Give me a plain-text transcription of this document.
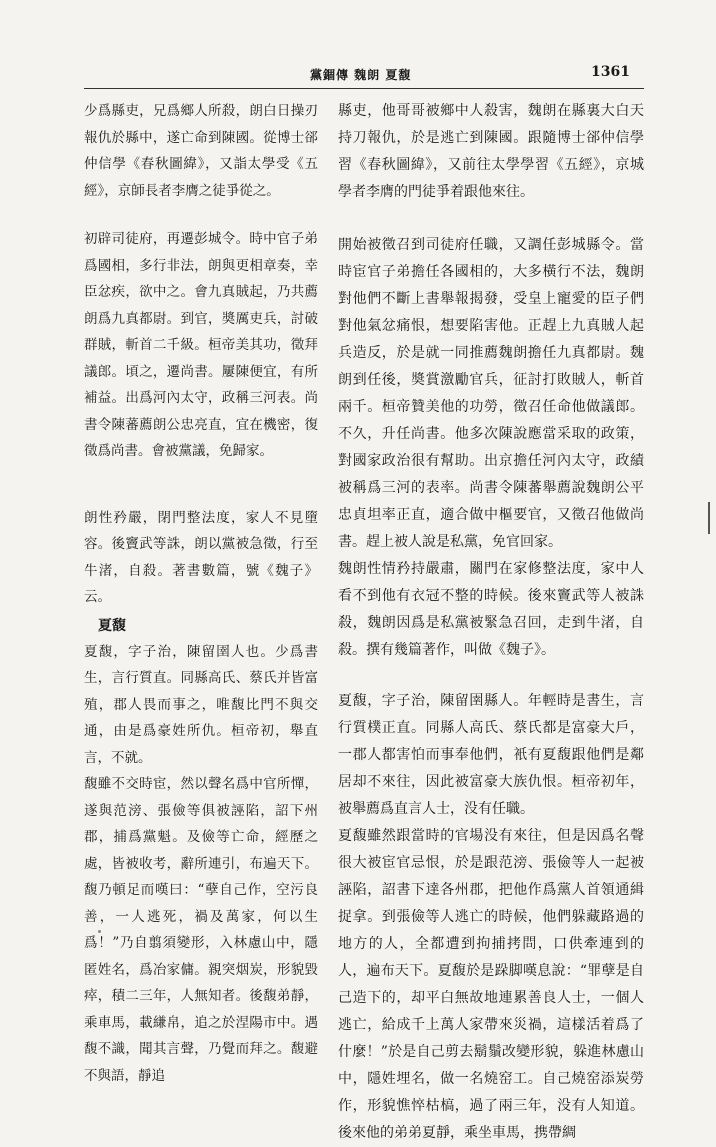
黨錮傳 魏朗 夏馥	1361

少爲縣吏，兄爲鄉人所殺，朗白日操刃報仇於縣中，遂亡命到陳國。從博士郤仲信學《春秋圖緯》，又詣太學受《五經》，京師長者李膺之徒爭從之。

初辟司徒府，再遷彭城令。時中官子弟爲國相，多行非法，朗與更相章奏，幸臣忿疾，欲中之。會九真賊起，乃共薦朗爲九真都尉。到官，奬厲吏兵，討破群賊，斬首二千級。桓帝美其功，徵拜議郎。頃之，遷尚書。屢陳便宜，有所補益。出爲河內太守，政稱三河表。尚書令陳蕃薦朗公忠亮直，宜在機密，復徵爲尚書。會被黨議，免歸家。

朗性矜嚴，閉門整法度，家人不見墮容。後竇武等誅，朗以黨被急徵，行至牛渚，自殺。著書數篇，號《魏子》云。

夏馥

夏馥，字子治，陳留圉人也。少爲書生，言行質直。同縣高氏、蔡氏并皆富殖，郡人畏而事之，唯馥比門不與交通，由是爲豪姓所仇。桓帝初，舉直言，不就。

馥雖不交時宦，然以聲名爲中官所憚，遂與范滂、張儉等俱被誣陷，詔下州郡，捕爲黨魁。及儉等亡命，經歷之處，皆被收考，辭所連引，布遍天下。馥乃頓足而嘆曰：“孽自己作，空污良善，一人逃死，禍及萬家，何以生爲！”乃自翦須變形，入林慮山中，隱匿姓名，爲冶家傭。親突烟炭，形貌毀瘁，積二三年，人無知者。後馥弟靜，乘車馬，載縑帛，追之於涅陽市中。遇馥不識，聞其言聲，乃覺而拜之。馥避不與語，靜追

縣吏，他哥哥被鄉中人殺害，魏朗在縣裏大白天持刀報仇，於是逃亡到陳國。跟隨博士郤仲信學習《春秋圖緯》，又前往太學學習《五經》，京城學者李膺的門徒爭着跟他來往。

開始被徵召到司徒府任職，又調任彭城縣令。當時宦官子弟擔任各國相的，大多橫行不法，魏朗對他們不斷上書舉報揭發，受皇上寵愛的臣子們對他氣忿痛恨，想要陷害他。正趕上九真賊人起兵造反，於是就一同推薦魏朗擔任九真都尉。魏朗到任後，奬賞激勵官兵，征討打敗賊人，斬首兩千。桓帝贊美他的功勞，徵召任命他做議郎。不久，升任尚書。他多次陳說應當采取的政策，對國家政治很有幫助。出京擔任河內太守，政績被稱爲三河的表率。尚書令陳蕃舉薦說魏朗公平忠貞坦率正直，適合做中樞要官，又徵召他做尚書。趕上被人說是私黨，免官回家。

魏朗性情矜持嚴肅，關門在家修整法度，家中人看不到他有衣冠不整的時候。後來竇武等人被誅殺，魏朗因爲是私黨被緊急召回，走到牛渚，自殺。撰有幾篇著作，叫做《魏子》。

夏馥，字子治，陳留圉縣人。年輕時是書生，言行質樸正直。同縣人高氏、蔡氏都是富豪大戶，一郡人都害怕而事奉他們，衹有夏馥跟他們是鄰居却不來往，因此被富豪大族仇恨。桓帝初年，被舉薦爲直言人士，没有任職。

夏馥雖然跟當時的官場没有來往，但是因爲名聲很大被宦官忌恨，於是跟范滂、張儉等人一起被誣陷，詔書下達各州郡，把他作爲黨人首領通緝捉拿。到張儉等人逃亡的時候，他們躲藏路過的地方的人，全都遭到拘捕拷問，口供牽連到的人，遍布天下。夏馥於是跺脚嘆息說：“罪孽是自己造下的，却平白無故地連累善良人士，一個人逃亡，給成千上萬人家帶來災禍，這樣活着爲了什麼！”於是自己剪去鬍鬚改變形貌，躲進林慮山中，隱姓埋名，做一名燒窑工。自己燒窑添炭勞作，形貌憔悴枯槁，過了兩三年，没有人知道。後來他的弟弟夏靜，乘坐車馬，携帶綢
